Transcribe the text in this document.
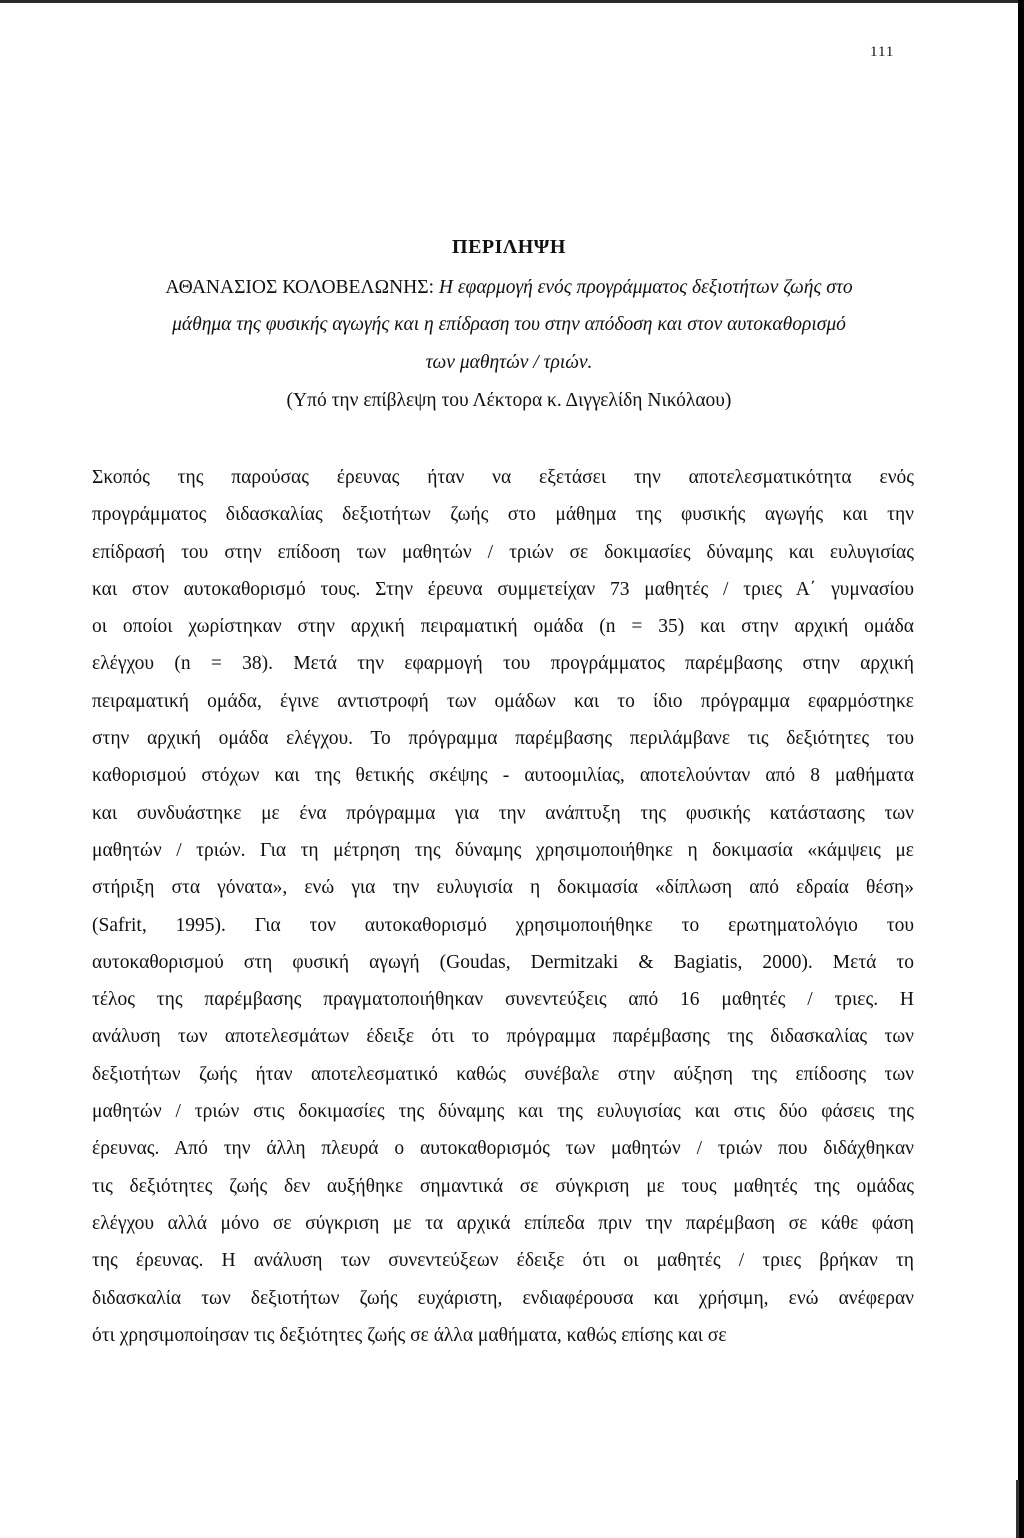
111
ΠΕΡΙΛΗΨΗ
ΑΘΑΝΑΣΙΟΣ ΚΟΛΟΒΕΛΩΝΗΣ: Η εφαρμογή ενός προγράμματος δεξιοτήτων ζωής στο
μάθημα της φυσικής αγωγής και η επίδραση του στην απόδοση και στον αυτοκαθορισμό
των μαθητών / τριών.
(Υπό την επίβλεψη του Λέκτορα κ. Διγγελίδη Νικόλαου)
Σκοπός της παρούσας έρευνας ήταν να εξετάσει την αποτελεσματικότητα ενός
προγράμματος διδασκαλίας δεξιοτήτων ζωής στο μάθημα της φυσικής αγωγής και την
επίδρασή του στην επίδοση των μαθητών / τριών σε δοκιμασίες δύναμης και ευλυγισίας
και στον αυτοκαθορισμό τους. Στην έρευνα συμμετείχαν 73 μαθητές / τριες Α΄ γυμνασίου
οι οποίοι χωρίστηκαν στην αρχική πειραματική ομάδα (n = 35) και στην αρχική ομάδα
ελέγχου (n = 38). Μετά την εφαρμογή του προγράμματος παρέμβασης στην αρχική
πειραματική ομάδα, έγινε αντιστροφή των ομάδων και το ίδιο πρόγραμμα εφαρμόστηκε
στην αρχική ομάδα ελέγχου. Το πρόγραμμα παρέμβασης περιλάμβανε τις δεξιότητες του
καθορισμού στόχων και της θετικής σκέψης - αυτοομιλίας, αποτελούνταν από 8 μαθήματα
και συνδυάστηκε με ένα πρόγραμμα για την ανάπτυξη της φυσικής κατάστασης των
μαθητών / τριών. Για τη μέτρηση της δύναμης χρησιμοποιήθηκε η δοκιμασία «κάμψεις με
στήριξη στα γόνατα», ενώ για την ευλυγισία η δοκιμασία «δίπλωση από εδραία θέση»
(Safrit, 1995). Για τον αυτοκαθορισμό χρησιμοποιήθηκε το ερωτηματολόγιο του
αυτοκαθορισμού στη φυσική αγωγή (Goudas, Dermitzaki & Bagiatis, 2000). Μετά το
τέλος της παρέμβασης πραγματοποιήθηκαν συνεντεύξεις από 16 μαθητές / τριες. Η
ανάλυση των αποτελεσμάτων έδειξε ότι το πρόγραμμα παρέμβασης της διδασκαλίας των
δεξιοτήτων ζωής ήταν αποτελεσματικό καθώς συνέβαλε στην αύξηση της επίδοσης των
μαθητών / τριών στις δοκιμασίες της δύναμης και της ευλυγισίας και στις δύο φάσεις της
έρευνας. Από την άλλη πλευρά ο αυτοκαθορισμός των μαθητών / τριών που διδάχθηκαν
τις δεξιότητες ζωής δεν αυξήθηκε σημαντικά σε σύγκριση με τους μαθητές της ομάδας
ελέγχου αλλά μόνο σε σύγκριση με τα αρχικά επίπεδα πριν την παρέμβαση σε κάθε φάση
της έρευνας. Η ανάλυση των συνεντεύξεων έδειξε ότι οι μαθητές / τριες βρήκαν τη
διδασκαλία των δεξιοτήτων ζωής ευχάριστη, ενδιαφέρουσα και χρήσιμη, ενώ ανέφεραν
ότι χρησιμοποίησαν τις δεξιότητες ζωής σε άλλα μαθήματα, καθώς επίσης και σε
